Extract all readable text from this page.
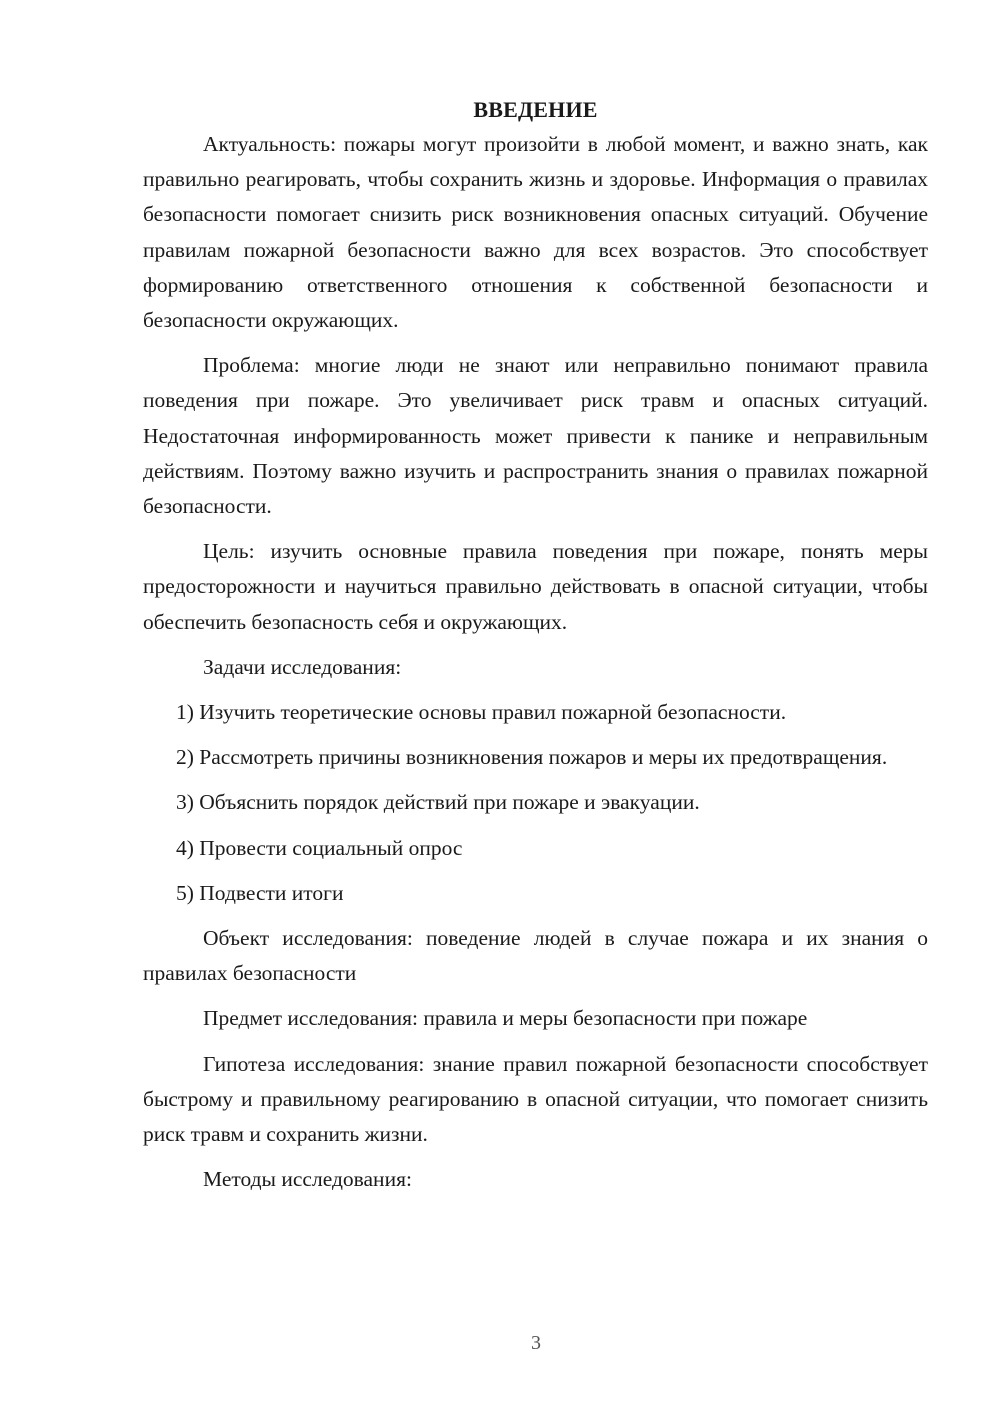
ВВЕДЕНИЕ

Актуальность: пожары могут произойти в любой момент, и важно знать, как правильно реагировать, чтобы сохранить жизнь и здоровье. Информация о правилах безопасности помогает снизить риск возникновения опасных ситуаций. Обучение правилам пожарной безопасности важно для всех возрастов. Это способствует формированию ответственного отношения к собственной безопасности и безопасности окружающих.

Проблема: многие люди не знают или неправильно понимают правила поведения при пожаре. Это увеличивает риск травм и опасных ситуаций. Недостаточная информированность может привести к панике и неправильным действиям. Поэтому важно изучить и распространить знания о правилах пожарной безопасности.

Цель: изучить основные правила поведения при пожаре, понять меры предосторожности и научиться правильно действовать в опасной ситуации, чтобы обеспечить безопасность себя и окружающих.

Задачи исследования:

1) Изучить теоретические основы правил пожарной безопасности.

2) Рассмотреть причины возникновения пожаров и меры их предотвращения.

3) Объяснить порядок действий при пожаре и эвакуации.

4) Провести социальный опрос

5) Подвести итоги

Объект исследования: поведение людей в случае пожара и их знания о правилах безопасности

Предмет исследования: правила и меры безопасности при пожаре

Гипотеза исследования: знание правил пожарной безопасности способствует быстрому и правильному реагированию в опасной ситуации, что помогает снизить риск травм и сохранить жизни.

Методы исследования:

3
